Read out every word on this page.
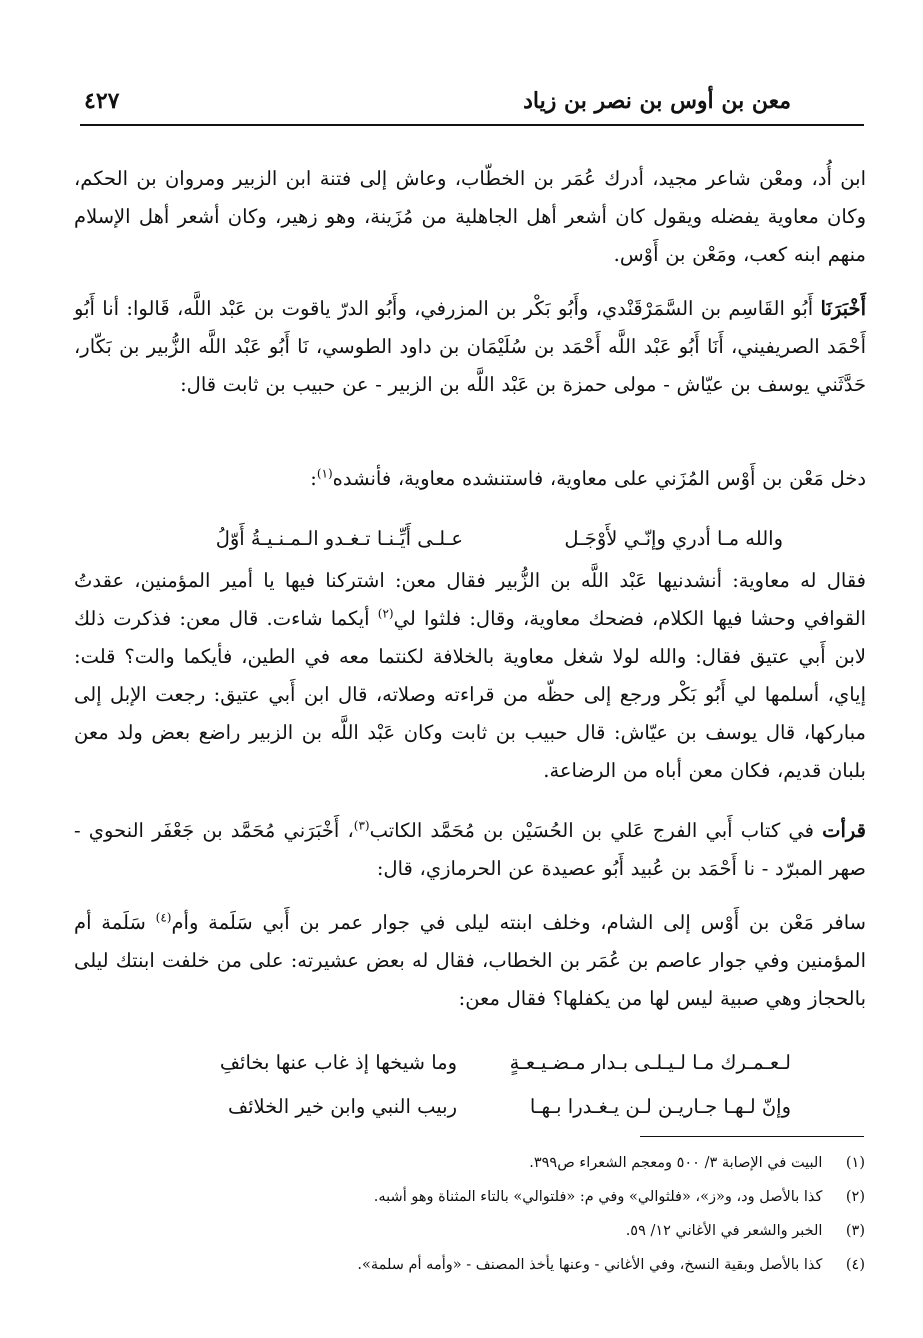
معن بن أوس بن نصر بن زياد
٤٢٧
ابن أُد، ومعْن شاعر مجيد، أدرك عُمَر بن الخطّاب، وعاش إلى فتنة ابن الزبير ومروان بن الحكم، وكان معاوية يفضله ويقول كان أشعر أهل الجاهلية من مُزَينة، وهو زهير، وكان أشعر أهل الإسلام منهم ابنه كعب، ومَعْن بن أَوْس.
أَخْبَرَنَا أَبُو القَاسِم بن السَّمَرْقَنْدي، وأَبُو بَكْر بن المزرفي، وأَبُو الدرّ ياقوت بن عَبْد اللَّه، قَالوا: أنا أَبُو أَحْمَد الصريفيني، أَنَا أَبُو عَبْد اللَّه أَحْمَد بن سُلَيْمَان بن داود الطوسي، نَا أَبُو عَبْد اللَّه الزُّبير بن بَكّار، حَدَّثَني يوسف بن عيّاش - مولى حمزة بن عَبْد اللَّه بن الزبير - عن حبيب بن ثابت قال:
دخل مَعْن بن أَوْس المُزَني على معاوية، فاستنشده معاوية، فأنشده$^{(١)}$:
والله مـا أدري وإنّـي لأَوْجَـل
عـلـى أَيِّـنـا تـغـدو الـمـنـيـةُ أَوّلُ
فقال له معاوية: أنشدنيها عَبْد اللَّه بن الزُّبير فقال معن: اشتركنا فيها يا أمير المؤمنين، عقدتُ القوافي وحشا فيها الكلام، فضحك معاوية، وقال: فلثوا لي$^{(٢)}$ أيكما شاءت. قال معن: فذكرت ذلك لابن أَبي عتيق فقال: والله لولا شغل معاوية بالخلافة لكنتما معه في الطين، فأيكما والت؟ قلت: إياي، أسلمها لي أَبُو بَكْر ورجع إلى حظّه من قراءته وصلاته، قال ابن أَبي عتيق: رجعت الإبل إلى مباركها، قال يوسف بن عيّاش: قال حبيب بن ثابت وكان عَبْد اللَّه بن الزبير راضع بعض ولد معن بلبان قديم، فكان معن أباه من الرضاعة.
قرأت في كتاب أَبي الفرج عَلي بن الحُسَيْن بن مُحَمَّد الكاتب$^{(٣)}$، أَخْبَرَني مُحَمَّد بن جَعْفَر النحوي - صهر المبرّد - نا أَحْمَد بن عُبيد أَبُو عصيدة عن الحرمازي، قال:
سافر مَعْن بن أَوْس إلى الشام، وخلف ابنته ليلى في جوار عمر بن أَبي سَلَمة وأم$^{(٤)}$ سَلَمة أم المؤمنين وفي جوار عاصم بن عُمَر بن الخطاب، فقال له بعض عشيرته: على من خلفت ابنتك ليلى بالحجاز وهي صبية ليس لها من يكفلها؟ فقال معن:
لـعـمـرك مـا لـيـلـى بـدار مـضـيـعـةٍ
وما شيخها إذ غاب عنها بخائفِ
وإنّ لـهـا جـاريـن لـن يـغـدرا بـهـا
ربيب النبي وابن خير الخلائف
(١) البيت في الإصابة ٣/ ٥٠٠ ومعجم الشعراء ص٣٩٩.
(٢) كذا بالأصل ود، و«ز»، «فلثوالي» وفي م: «فلتوالي» بالتاء المثناة وهو أشبه.
(٣) الخبر والشعر في الأغاني ١٢/ ٥٩.
(٤) كذا بالأصل وبقية النسخ، وفي الأغاني - وعنها يأخذ المصنف - «وأمه أم سلمة».
